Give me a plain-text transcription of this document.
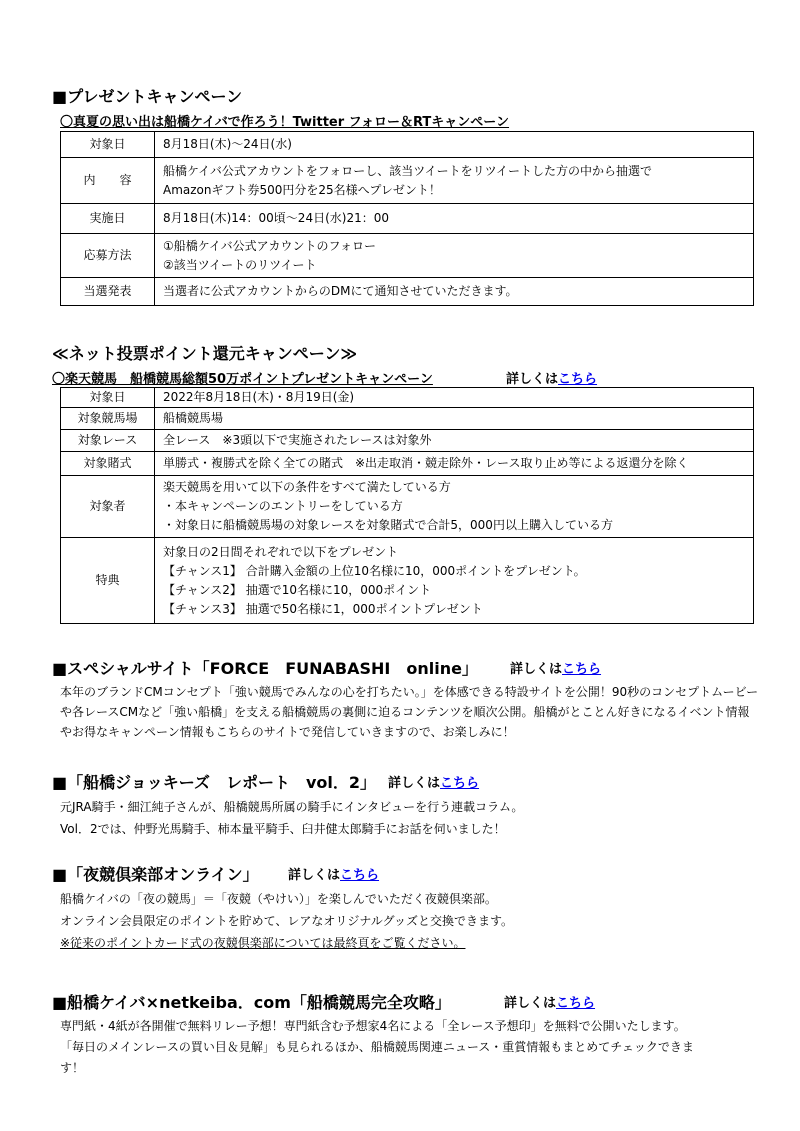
■プレゼントキャンペーン
〇真夏の思い出は船橋ケイバで作ろう！Twitter フォロー＆RTキャンペーン
対象日	8月18日(木)～24日(水)

内　　容	船橋ケイバ公式アカウントをフォローし、該当ツイートをリツイートした方の中から抽選で
Amazonギフト券500円分を25名様へプレゼント！

実施日	8月18日(木)14：00頃～24日(水)21：00

応募方法	①船橋ケイバ公式アカウントのフォロー
②該当ツイートのリツイート

当選発表	当選者に公式アカウントからのDMにて通知させていただきます。
≪ネット投票ポイント還元キャンペーン≫
〇楽天競馬　船橋競馬総額50万ポイントプレゼントキャンペーン	詳しくはこちら
対象日	2022年8月18日(木)・8月19日(金)

対象競馬場	船橋競馬場

対象レース	全レース　※3頭以下で実施されたレースは対象外

対象賭式	単勝式・複勝式を除く全ての賭式　※出走取消・競走除外・レース取り止め等による返還分を除く

対象者	楽天競馬を用いて以下の条件をすべて満たしている方
・本キャンペーンのエントリーをしている方
・対象日に船橋競馬場の対象レースを対象賭式で合計5，000円以上購入している方

特典	対象日の2日間それぞれで以下をプレゼント
【チャンス1】 合計購入金額の上位10名様に10，000ポイントをプレゼント。
【チャンス2】 抽選で10名様に10，000ポイント
【チャンス3】 抽選で50名様に1，000ポイントプレゼント
■スペシャルサイト「FORCE　FUNABASHI　online」 詳しくはこちら
本年のブランドCMコンセプト「強い競馬でみんなの心を打ちたい。」を体感できる特設サイトを公開！90秒のコンセプトムービー
や各レースCMなど「強い船橋」を支える船橋競馬の裏側に迫るコンテンツを順次公開。船橋がとことん好きになるイベント情報
やお得なキャンペーン情報もこちらのサイトで発信していきますので、お楽しみに！
■「船橋ジョッキーズ　レポート　vol．2」 詳しくはこちら
元JRA騎手・細江純子さんが、船橋競馬所属の騎手にインタビューを行う連載コラム。
Vol．2では、仲野光馬騎手、柿本量平騎手、臼井健太郎騎手にお話を伺いました！
■「夜競倶楽部オンライン」 詳しくはこちら
船橋ケイバの「夜の競馬」＝「夜競（やけい）」を楽しんでいただく夜競倶楽部。
オンライン会員限定のポイントを貯めて、レアなオリジナルグッズと交換できます。
※従来のポイントカード式の夜競倶楽部については最終頁をご覧ください。
■船橋ケイバ×netkeiba．com「船橋競馬完全攻略」	詳しくはこちら
専門紙・4紙が各開催で無料リレー予想！専門紙含む予想家4名による「全レース予想印」を無料で公開いたします。
「毎日のメインレースの買い目＆見解」も見られるほか、船橋競馬関連ニュース・重賞情報もまとめてチェックできま
す！
